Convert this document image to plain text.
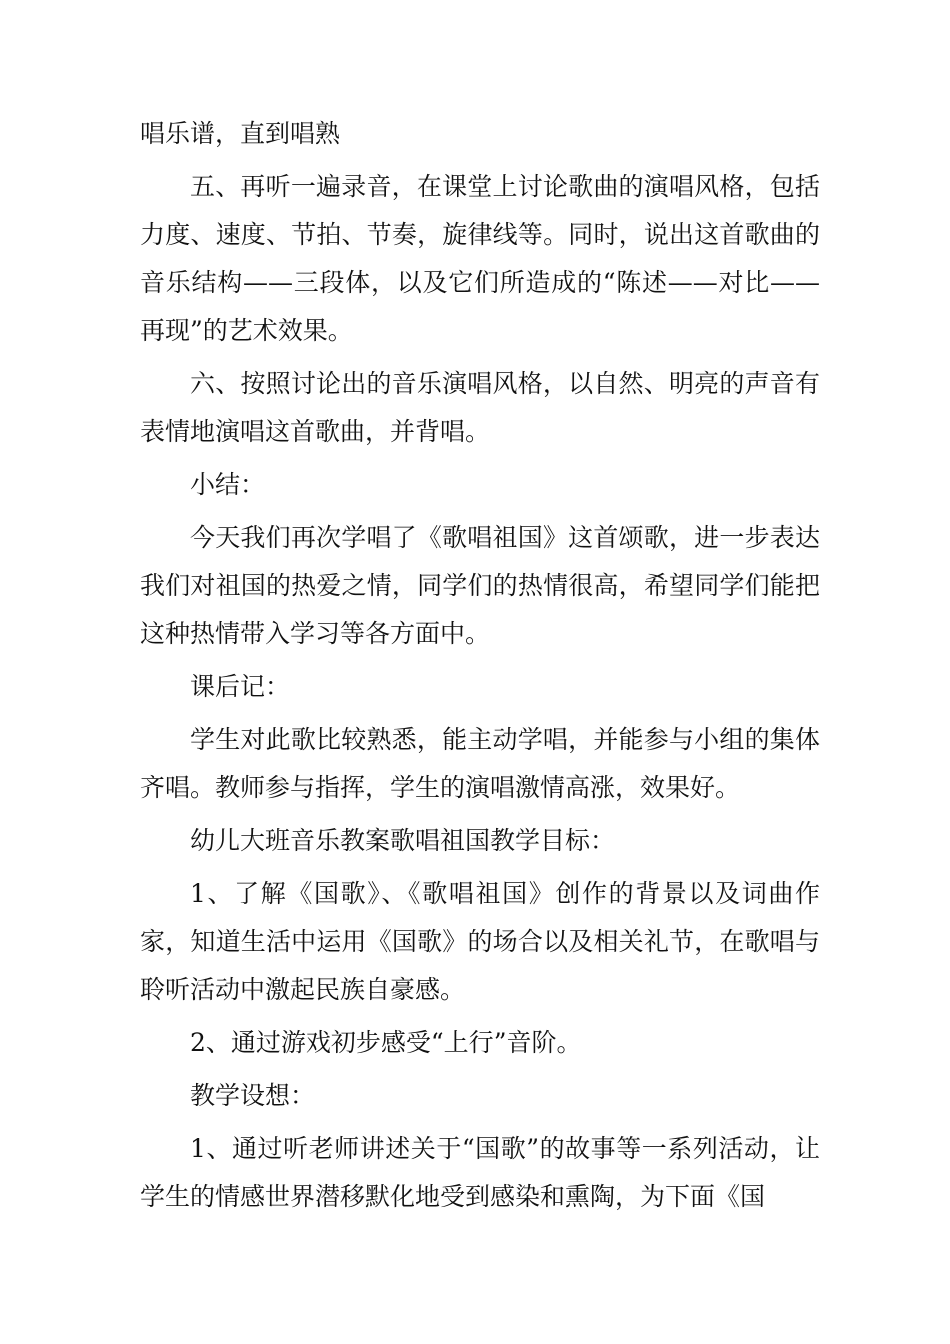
唱乐谱，直到唱熟

五、再听一遍录音，在课堂上讨论歌曲的演唱风格，包括力度、速度、节拍、节奏，旋律线等。同时，说出这首歌曲的音乐结构——三段体，以及它们所造成的“陈述——对比——再现”的艺术效果。

六、按照讨论出的音乐演唱风格，以自然、明亮的声音有表情地演唱这首歌曲，并背唱。

小结：

今天我们再次学唱了《歌唱祖国》这首颂歌，进一步表达我们对祖国的热爱之情，同学们的热情很高，希望同学们能把这种热情带入学习等各方面中。

课后记：

学生对此歌比较熟悉，能主动学唱，并能参与小组的集体齐唱。教师参与指挥，学生的演唱激情高涨，效果好。

幼儿大班音乐教案歌唱祖国教学目标：

1、了解《国歌》、《歌唱祖国》创作的背景以及词曲作家，知道生活中运用《国歌》的场合以及相关礼节，在歌唱与聆听活动中激起民族自豪感。

2、通过游戏初步感受“上行”音阶。

教学设想：

1、通过听老师讲述关于“国歌”的故事等一系列活动，让学生的情感世界潜移默化地受到感染和熏陶，为下面《国
